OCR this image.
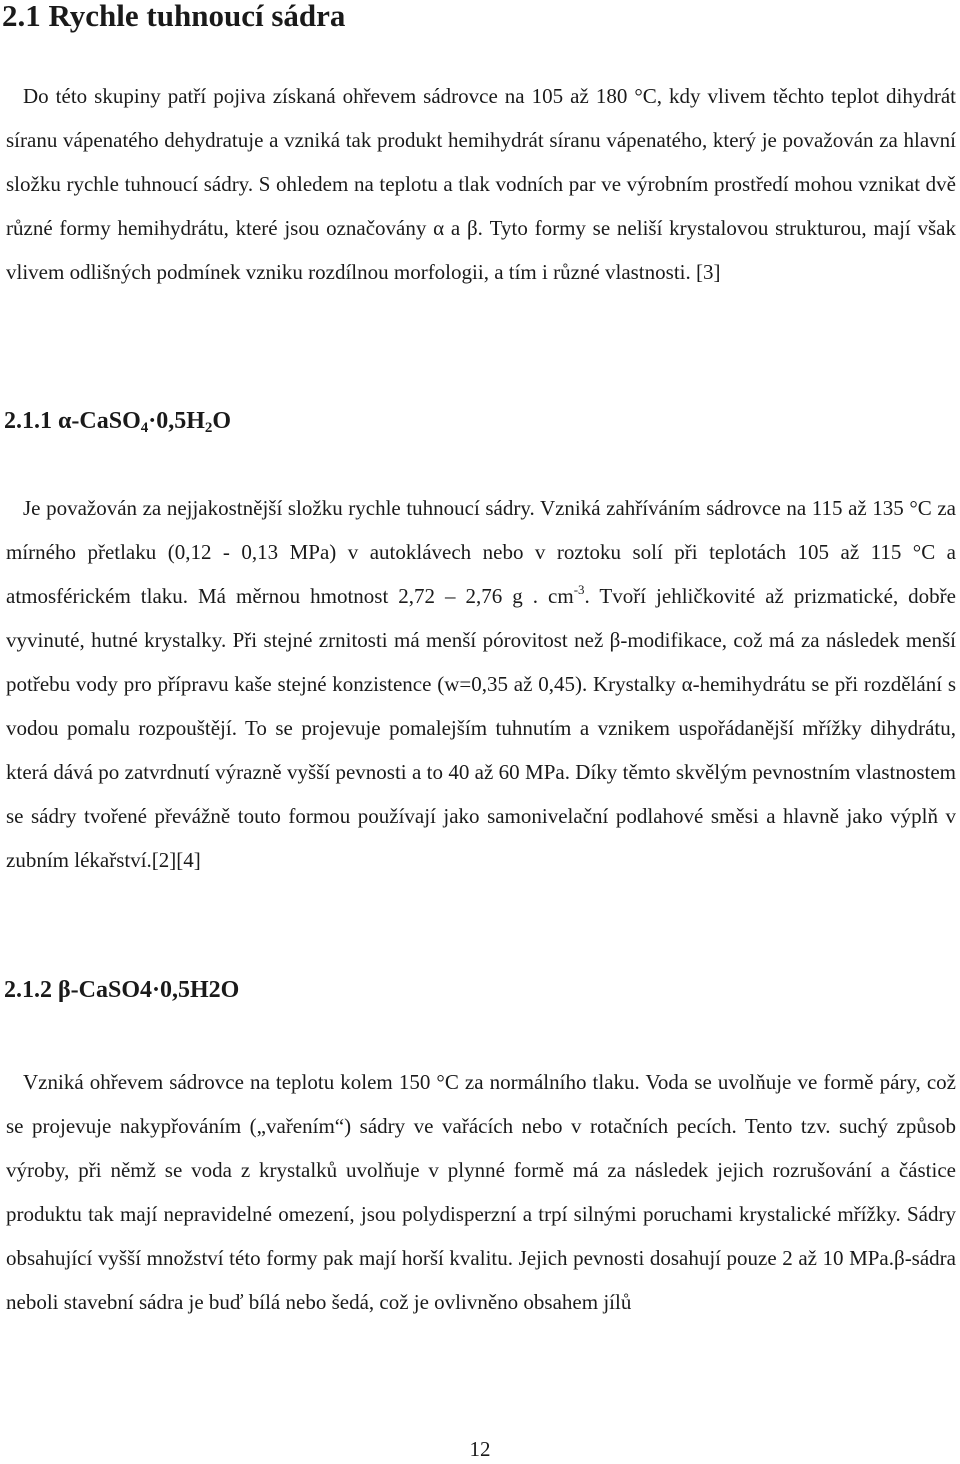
2.1 Rychle tuhnoucí sádra

Do této skupiny patří pojiva získaná ohřevem sádrovce na 105 až 180 °C, kdy vlivem těchto teplot dihydrát síranu vápenatého dehydratuje a vzniká tak produkt hemihydrát síranu vápenatého, který je považován za hlavní složku rychle tuhnoucí sádry. S ohledem na teplotu a tlak vodních par ve výrobním prostředí mohou vznikat dvě různé formy hemihydrátu, které jsou označovány α a β. Tyto formy se neliší krystalovou strukturou, mají však vlivem odlišných podmínek vzniku rozdílnou morfologii, a tím i různé vlastnosti. [3]

2.1.1 $\alpha-CaSO_4\cdot 0,5H_2O$

Je považován za nejjakostnější složku rychle tuhnoucí sádry. Vzniká zahříváním sádrovce na 115 až 135 °C za mírného přetlaku (0,12 - 0,13 MPa) v autoklávech nebo v roztoku solí při teplotách 105 až 115 °C a atmosférickém tlaku. Má měrnou hmotnost 2,72 – 2,76 g . $cm^{-3}$. Tvoří jehličkovité až prizmatické, dobře vyvinuté, hutné krystalky. Při stejné zrnitosti má menší pórovitost než β-modifikace, což má za následek menší potřebu vody pro přípravu kaše stejné konzistence (w=0,35 až 0,45). Krystalky α-hemihydrátu se při rozdělání s vodou pomalu rozpouštějí. To se projevuje pomalejším tuhnutím a vznikem uspořádanější mřížky dihydrátu, která dává po zatvrdnutí výrazně vyšší pevnosti a to 40 až 60 MPa. Díky těmto skvělým pevnostním vlastnostem se sádry tvořené převážně touto formou používají jako samonivelační podlahové směsi a hlavně jako výplň v zubním lékařství.[2][4]

2.1.2 β-CaSO4·0,5H2O

Vzniká ohřevem sádrovce na teplotu kolem 150 °C za normálního tlaku. Voda se uvolňuje ve formě páry, což se projevuje nakypřováním („vařením“) sádry ve vařácích nebo v rotačních pecích. Tento tzv. suchý způsob výroby, při němž se voda z krystalků uvolňuje v plynné formě má za následek jejich rozrušování a částice produktu tak mají nepravidelné omezení, jsou polydisperzní a trpí silnými poruchami krystalické mřížky. Sádry obsahující vyšší množství této formy pak mají horší kvalitu. Jejich pevnosti dosahují pouze 2 až 10 MPa.β-sádra neboli stavební sádra je buď bílá nebo šedá, což je ovlivněno obsahem jílů

12
